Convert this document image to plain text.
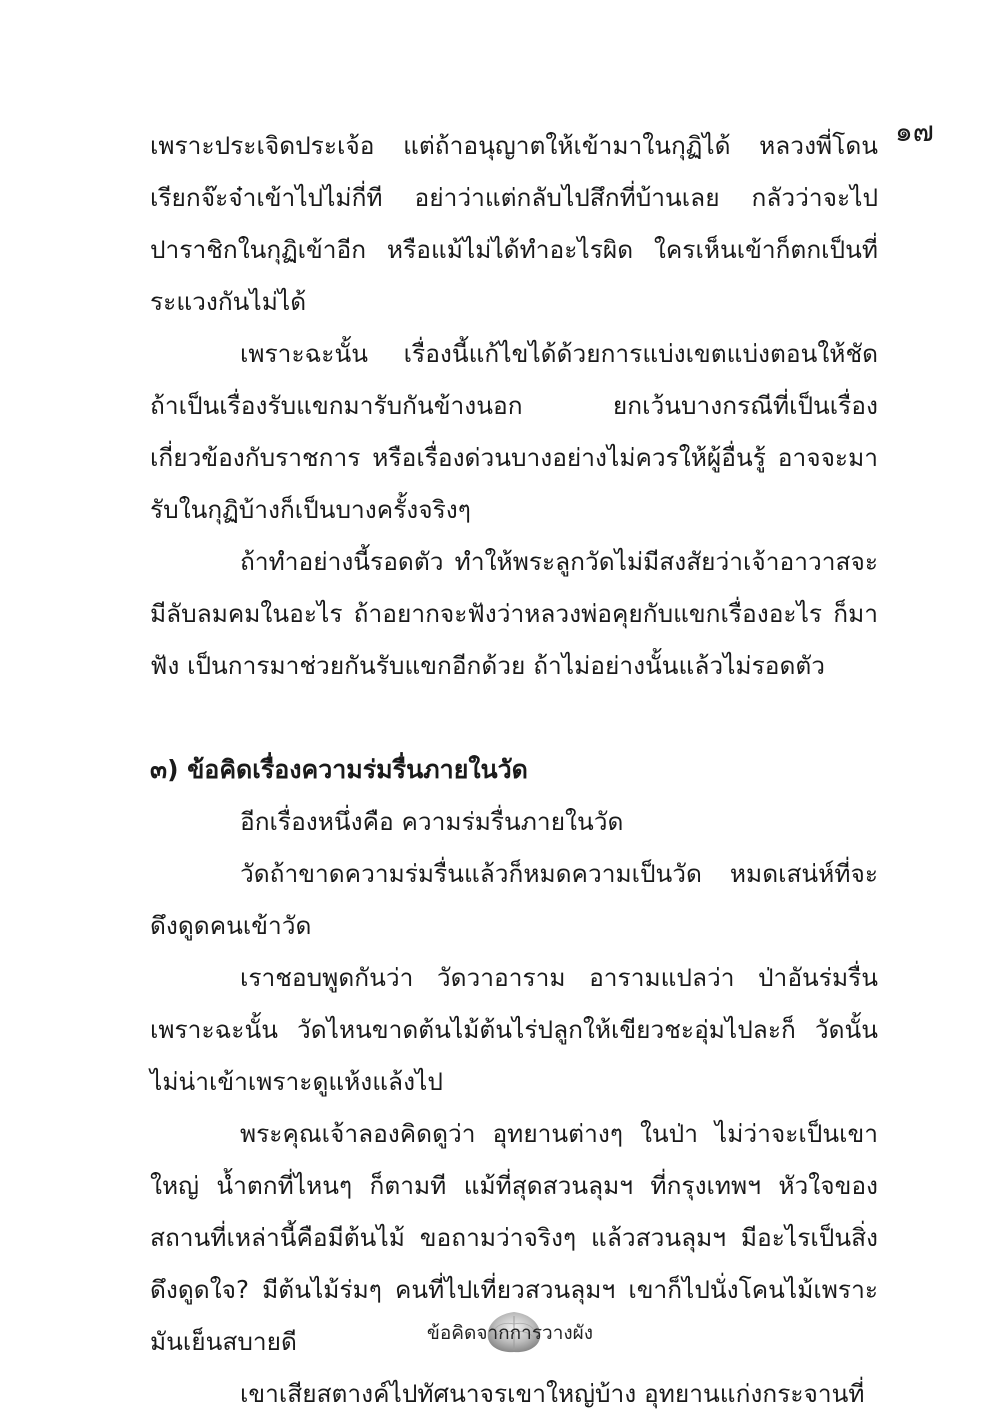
๑๗

เพราะประเจิดประเจ้อ แต่ถ้าอนุญาตให้เข้ามาในกุฏิได้ หลวงพี่โดนเรียกจ๊ะจ๋าเข้าไปไม่กี่ที อย่าว่าแต่กลับไปสึกที่บ้านเลย กลัวว่าจะไปปาราชิกในกุฏิเข้าอีก หรือแม้ไม่ได้ทำอะไรผิด ใครเห็นเข้าก็ตกเป็นที่ระแวงกันไม่ได้

เพราะฉะนั้น เรื่องนี้แก้ไขได้ด้วยการแบ่งเขตแบ่งตอนให้ชัด ถ้าเป็นเรื่องรับแขกมารับกันข้างนอก ยกเว้นบางกรณีที่เป็นเรื่องเกี่ยวข้องกับราชการ หรือเรื่องด่วนบางอย่างไม่ควรให้ผู้อื่นรู้ อาจจะมารับในกุฏิบ้างก็เป็นบางครั้งจริงๆ

ถ้าทำอย่างนี้รอดตัว ทำให้พระลูกวัดไม่มีสงสัยว่าเจ้าอาวาสจะมีลับลมคมในอะไร ถ้าอยากจะฟังว่าหลวงพ่อคุยกับแขกเรื่องอะไร ก็มาฟัง เป็นการมาช่วยกันรับแขกอีกด้วย ถ้าไม่อย่างนั้นแล้วไม่รอดตัว

๓) ข้อคิดเรื่องความร่มรื่นภายในวัด

อีกเรื่องหนึ่งคือ ความร่มรื่นภายในวัด

วัดถ้าขาดความร่มรื่นแล้วก็หมดความเป็นวัด หมดเสน่ห์ที่จะดึงดูดคนเข้าวัด

เราชอบพูดกันว่า วัดวาอาราม อารามแปลว่า ป่าอันร่มรื่น เพราะฉะนั้น วัดไหนขาดต้นไม้ต้นไร่ปลูกให้เขียวชะอุ่มไปละก็ วัดนั้นไม่น่าเข้าเพราะดูแห้งแล้งไป

พระคุณเจ้าลองคิดดูว่า อุทยานต่างๆ ในป่า ไม่ว่าจะเป็นเขาใหญ่ น้ำตกที่ไหนๆ ก็ตามที แม้ที่สุดสวนลุมฯ ที่กรุงเทพฯ หัวใจของสถานที่เหล่านี้คือมีต้นไม้ ขอถามว่าจริงๆ แล้วสวนลุมฯ มีอะไรเป็นสิ่งดึงดูดใจ? มีต้นไม้ร่มๆ คนที่ไปเที่ยวสวนลุมฯ เขาก็ไปนั่งโคนไม้เพราะมันเย็นสบายดี

เขาเสียสตางค์ไปทัศนาจรเขาใหญ่บ้าง อุทยานแก่งกระจานที่

ข้อคิดจากการวางผัง
